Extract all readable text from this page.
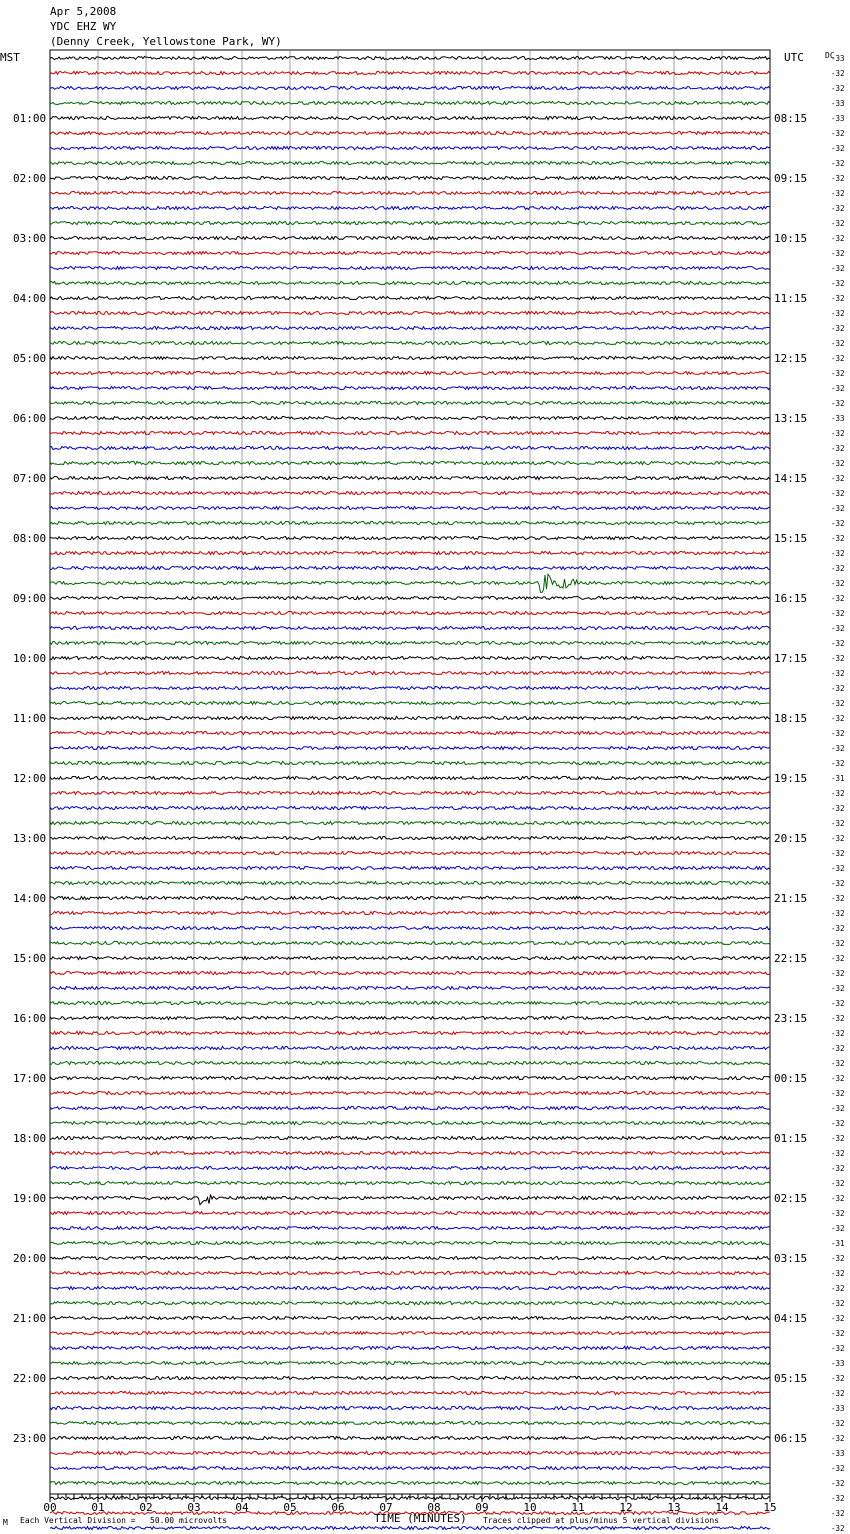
Apr 5,2008
YDC EHZ WY
(Denny Creek, Yellowstone Park, WY)
MST	UTC	DC
-33
-32
-32
-33
-33
-32
-32
-32
-32
-32
-32
-32
-32
-32
-32
-32
-32
-32
-32
-32
-32
-32
-32
-32
-33
-32
-32
-32
-32
-32
-32
-32
-32
-32
-32
-32
-32
-32
-32
-32
-32
-32
-32
-32
-32
-32
-32
-32
-31
-32
-32
-32
-32
-32
-32
-32
-32
-32
-32
-32
-32
-32
-32
-32
-32
-32
-32
-32
-32
-32
-32
-32
-32
-32
-32
-32
-32
-32
-32
-31
-32
-32
-32
-32
-32
-32
-32
-33
-32
-32
-33
-32
-32
-33
-32
-32
-32
-32
-32
01:00	08:15
02:00	09:15
03:00	10:15
04:00	11:15
05:00	12:15
06:00	13:15
07:00	14:15
08:00	15:15
09:00	16:15
10:00	17:15
11:00	18:15
12:00	19:15
13:00	20:15
14:00	21:15
15:00	22:15
16:00	23:15
17:00	00:15
18:00	01:15
19:00	02:15
20:00	03:15
21:00	04:15
22:00	05:15
23:00	06:15
00	01	02	03	04	05	06	07	08	09	10	11	12	13	14	15
M Each Vertical Division =   50.00 microvolts	TIME (MINUTES) Traces clipped at plus/minus 5 vertical divisions
